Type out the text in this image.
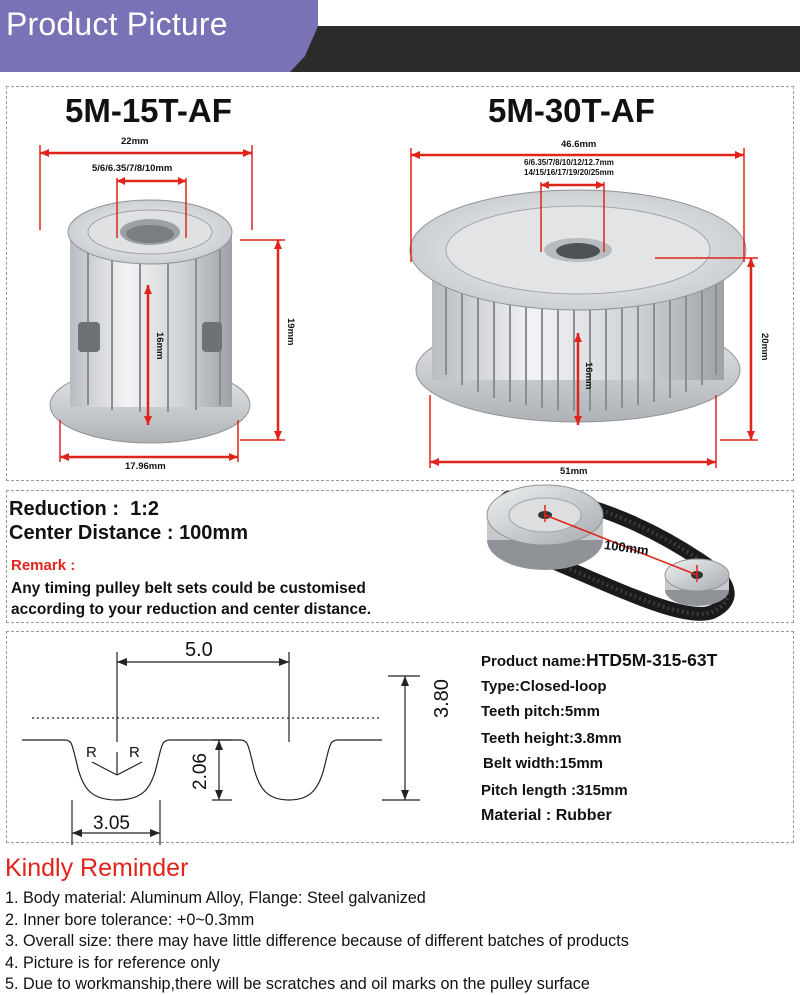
Product Picture
5M-15T-AF	5M-30T-AF
22mm
5/6/6.35/7/8/10mm
19mm
16mm
17.96mm
46.6mm
6/6.35/7/8/10/12/12.7mm
14/15/16/17/19/20/25mm
20mm
16mm
51mm
Reduction : 1:2
Center Distance : 100mm
Remark :
Any timing pulley belt sets could be customised according to your reduction and center distance.
100mm
5.0
3.80
2.06
3.05
R R
Product name:HTD5M-315-63T
Type:Closed-loop
Teeth pitch:5mm
Teeth height:3.8mm
Belt width:15mm
Pitch length :315mm
Material : Rubber
Kindly Reminder
1. Body material: Aluminum Alloy, Flange: Steel galvanized
2. Inner bore tolerance: +0~0.3mm
3. Overall size: there may have little difference because of different batches of products
4. Picture is for reference only
5. Due to workmanship,there will be scratches and oil marks on the pulley surface
